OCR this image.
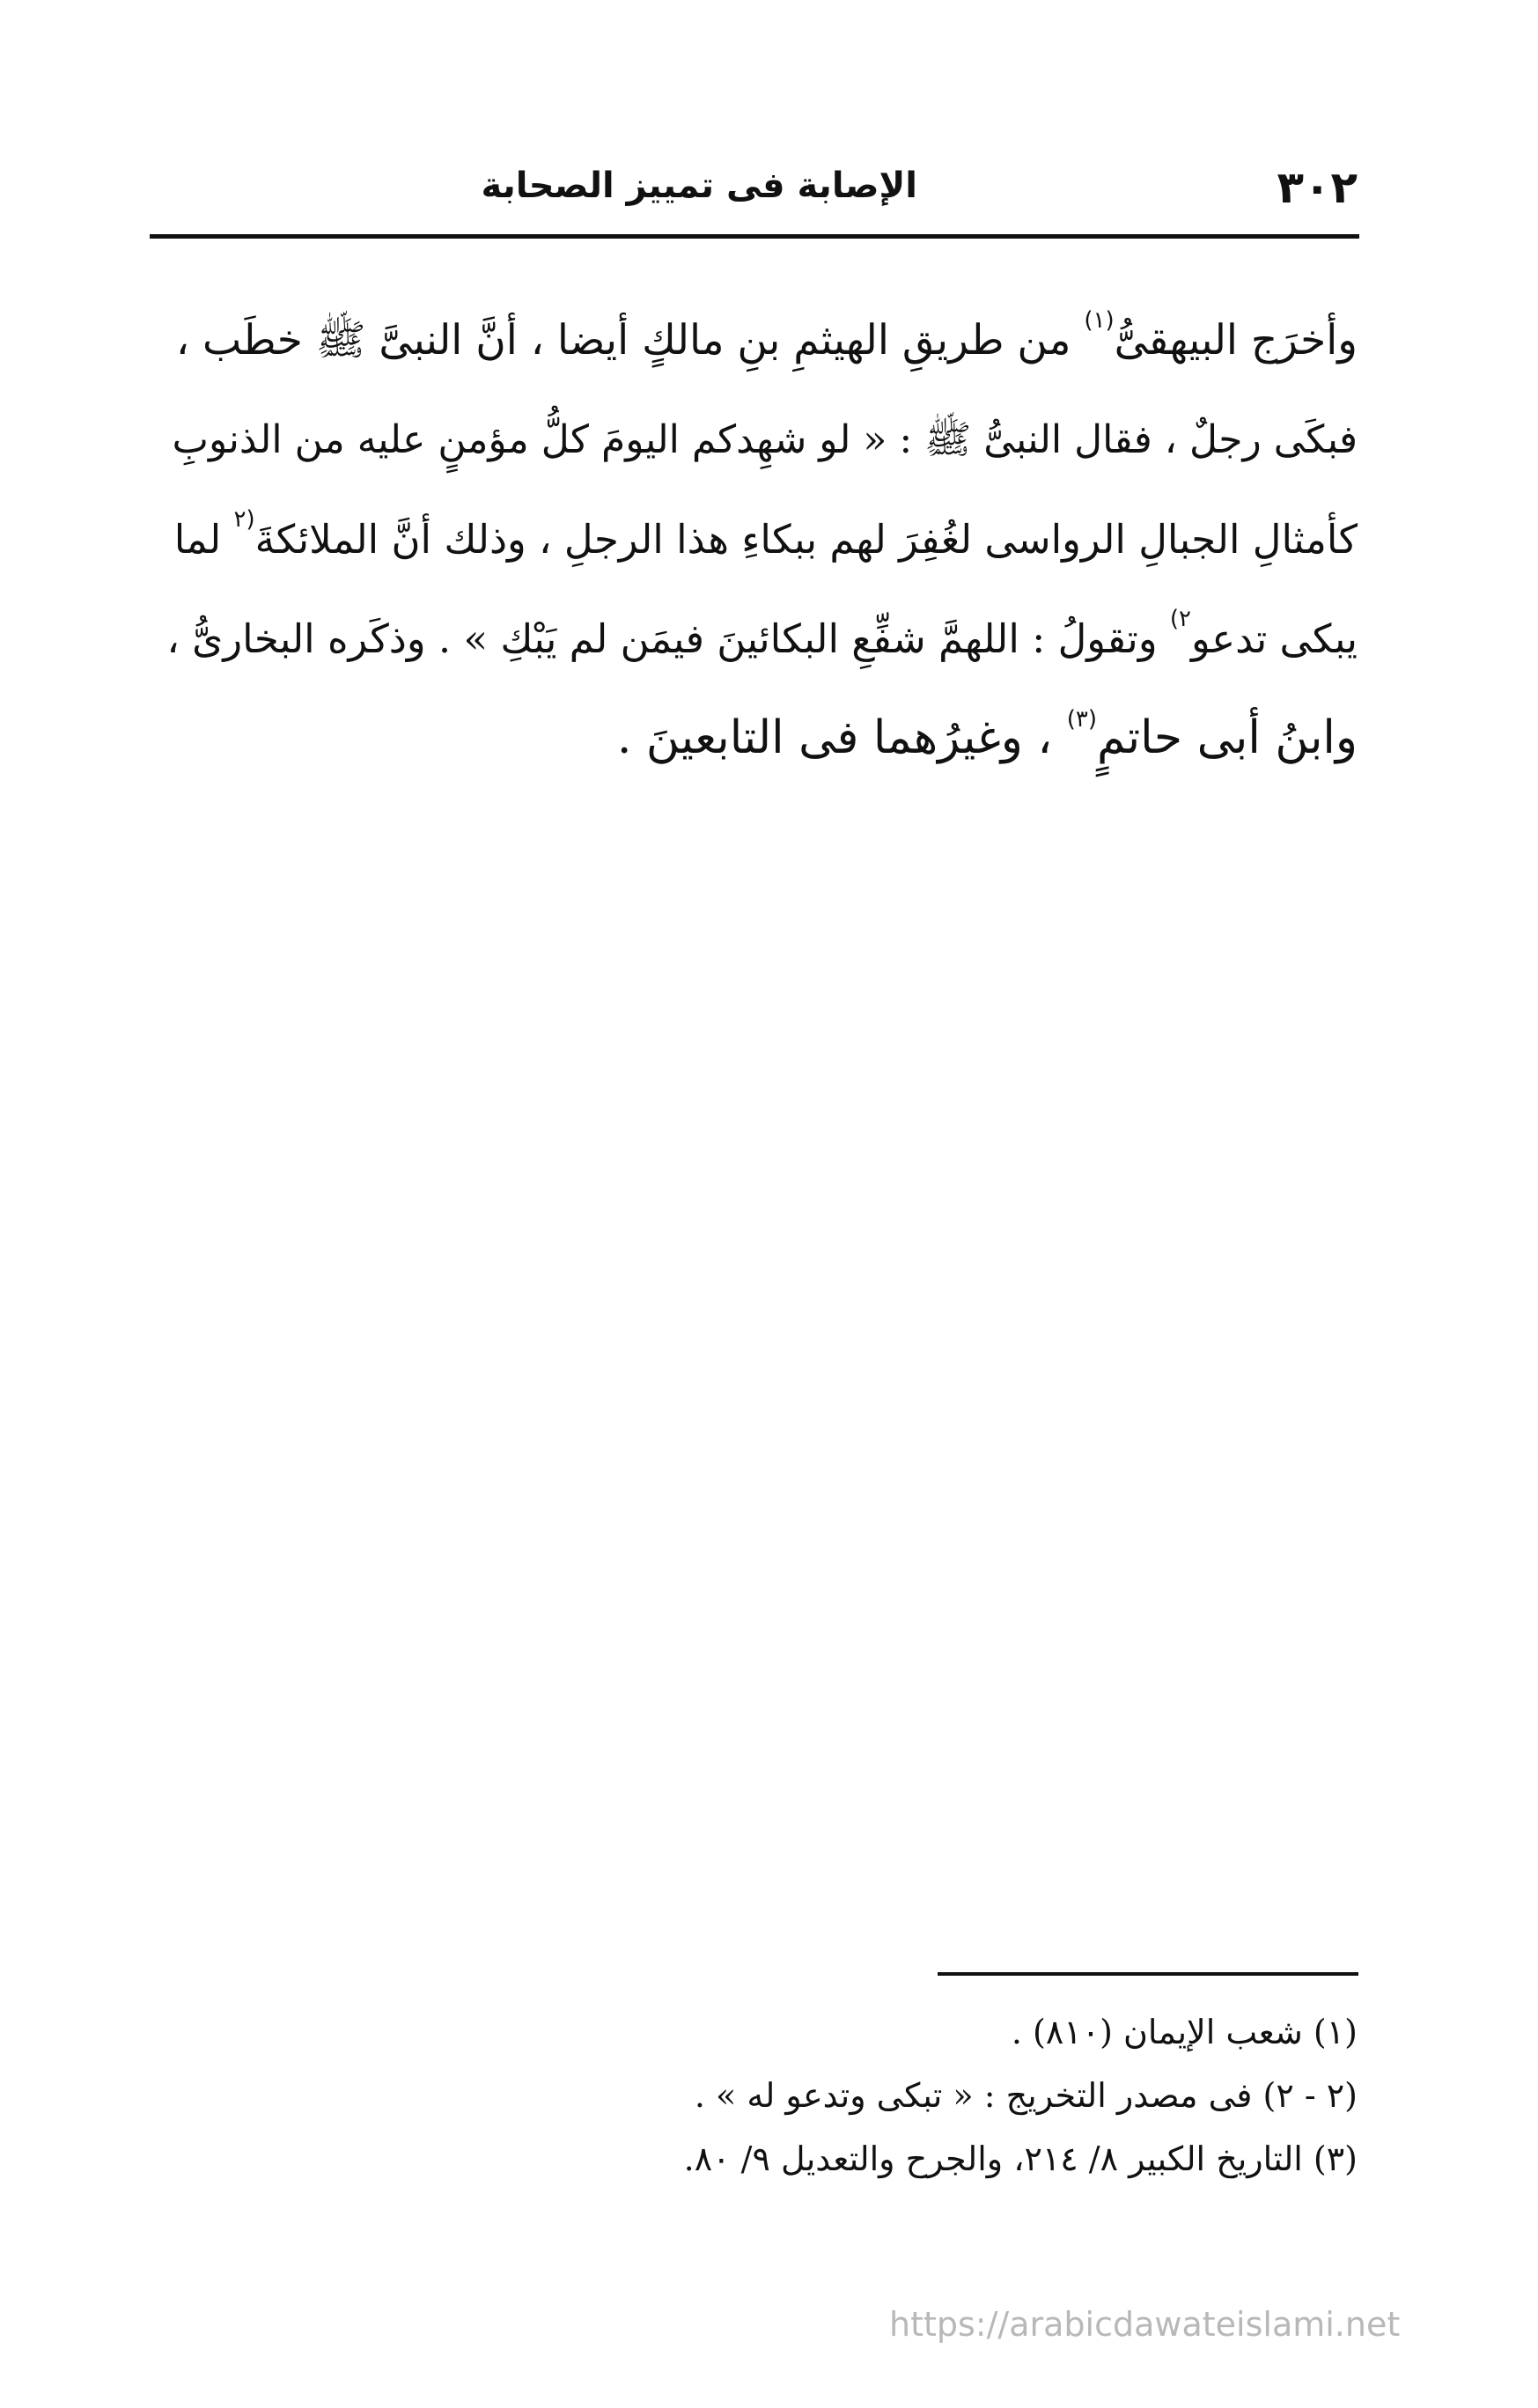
٣٠٢
الإصابة فى تمييز الصحابة
وأخرَج البيهقىُّ$^{(١)}$ من طريقِ الهيثمِ بنِ مالكٍ أيضا ، أنَّ النبىَّ ﷺ خطَب ،
فبكَى رجلٌ ، فقال النبىُّ ﷺ : « لو شهِدكم اليومَ كلُّ مؤمنٍ عليه من الذنوبِ
كأمثالِ الجبالِ الرواسى لغُفِرَ لهم ببكاءِ هذا الرجلِ ، وذلك أنَّ الملائكةَ$^{(٢}$ لما
يبكى تدعو$^{٢)}$ وتقولُ : اللهمَّ شفِّعِ البكائينَ فيمَن لم يَبْكِ » . وذكَره البخارىُّ ،
وابنُ أبى حاتمٍ$^{(٣)}$ ، وغيرُهما فى التابعينَ .
(١) شعب الإيمان (٨١٠) .
(٢ - ٢) فى مصدر التخريج : « تبكى وتدعو له » .
(٣) التاريخ الكبير ٨/ ٢١٤، والجرح والتعديل ٩/ ٨٠.
https://arabicdawateislami.net
